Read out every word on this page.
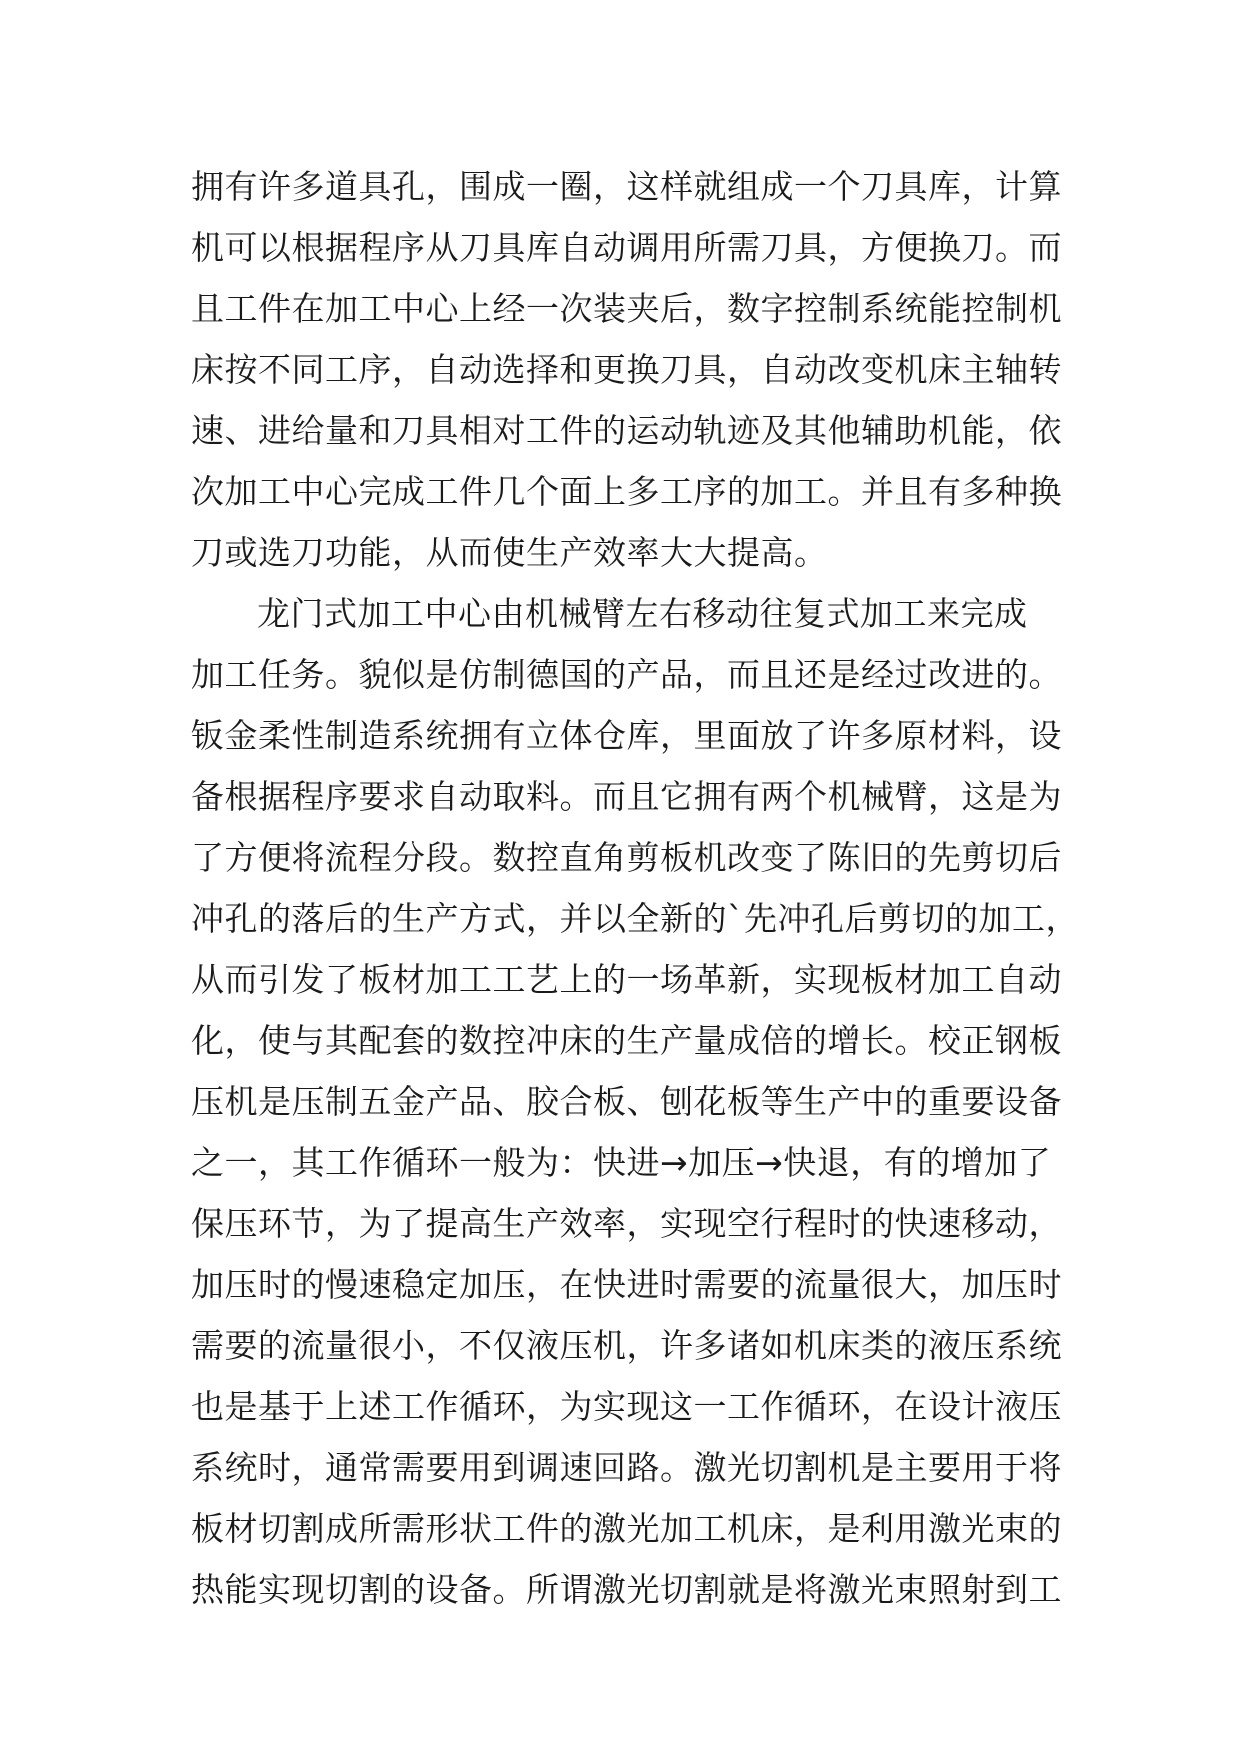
拥有许多道具孔，围成一圈，这样就组成一个刀具库，计算
机可以根据程序从刀具库自动调用所需刀具，方便换刀。而
且工件在加工中心上经一次装夹后，数字控制系统能控制机
床按不同工序，自动选择和更换刀具，自动改变机床主轴转
速、进给量和刀具相对工件的运动轨迹及其他辅助机能，依
次加工中心完成工件几个面上多工序的加工。并且有多种换
刀或选刀功能，从而使生产效率大大提高。
龙门式加工中心由机械臂左右移动往复式加工来完成
加工任务。貌似是仿制德国的产品，而且还是经过改进的。
钣金柔性制造系统拥有立体仓库，里面放了许多原材料，设
备根据程序要求自动取料。而且它拥有两个机械臂，这是为
了方便将流程分段。数控直角剪板机改变了陈旧的先剪切后
冲孔的落后的生产方式，并以全新的`先冲孔后剪切的加工，
从而引发了板材加工工艺上的一场革新，实现板材加工自动
化，使与其配套的数控冲床的生产量成倍的增长。校正钢板
压机是压制五金产品、胶合板、刨花板等生产中的重要设备
之一，其工作循环一般为：快进→加压→快退，有的增加了
保压环节，为了提高生产效率，实现空行程时的快速移动，
加压时的慢速稳定加压，在快进时需要的流量很大，加压时
需要的流量很小，不仅液压机，许多诸如机床类的液压系统
也是基于上述工作循环，为实现这一工作循环，在设计液压
系统时，通常需要用到调速回路。激光切割机是主要用于将
板材切割成所需形状工件的激光加工机床，是利用激光束的
热能实现切割的设备。所谓激光切割就是将激光束照射到工
